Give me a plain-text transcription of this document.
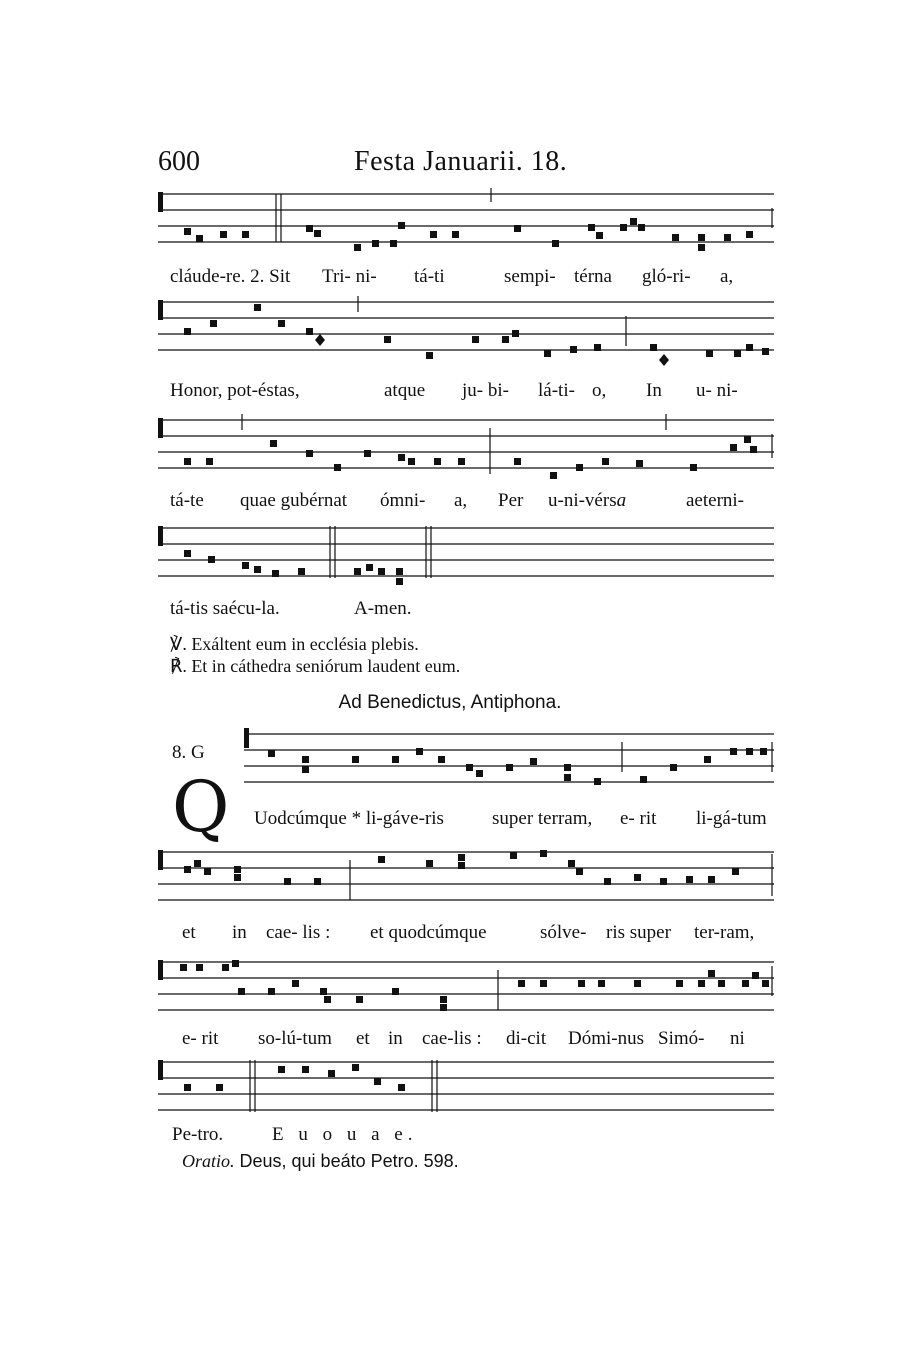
600	Festa Januarii. 18.
cláude-re. 2. Sit Tri- ni- tá-ti	sempi- térna gló-ri- a,
Honor, pot-éstas,	atque ju- bi- lá-ti- o, In u- ni-
tá-te quae gubérnat ómni- a, Per u-ni-vérsa	aeterni-
tá-tis saécu-la.	A-men.
℣. Exáltent eum in ecclésia plebis.
℟. Et in cáthedra seniórum laudent eum.
Ad Benedictus, Antiphona.
8. G
Q Uodcúmque * li-gáve-ris	super terram, e- rit li-gá-tum
et in cae- lis : et quodcúmque	sólve- ris super ter-ram,
e- rit so-lú-tum et in cae-lis : di-cit Dómi-nus Simó- ni
Pe-tro.	E u o u a e.
Oratio. Deus, qui beáto Petro. 598.
